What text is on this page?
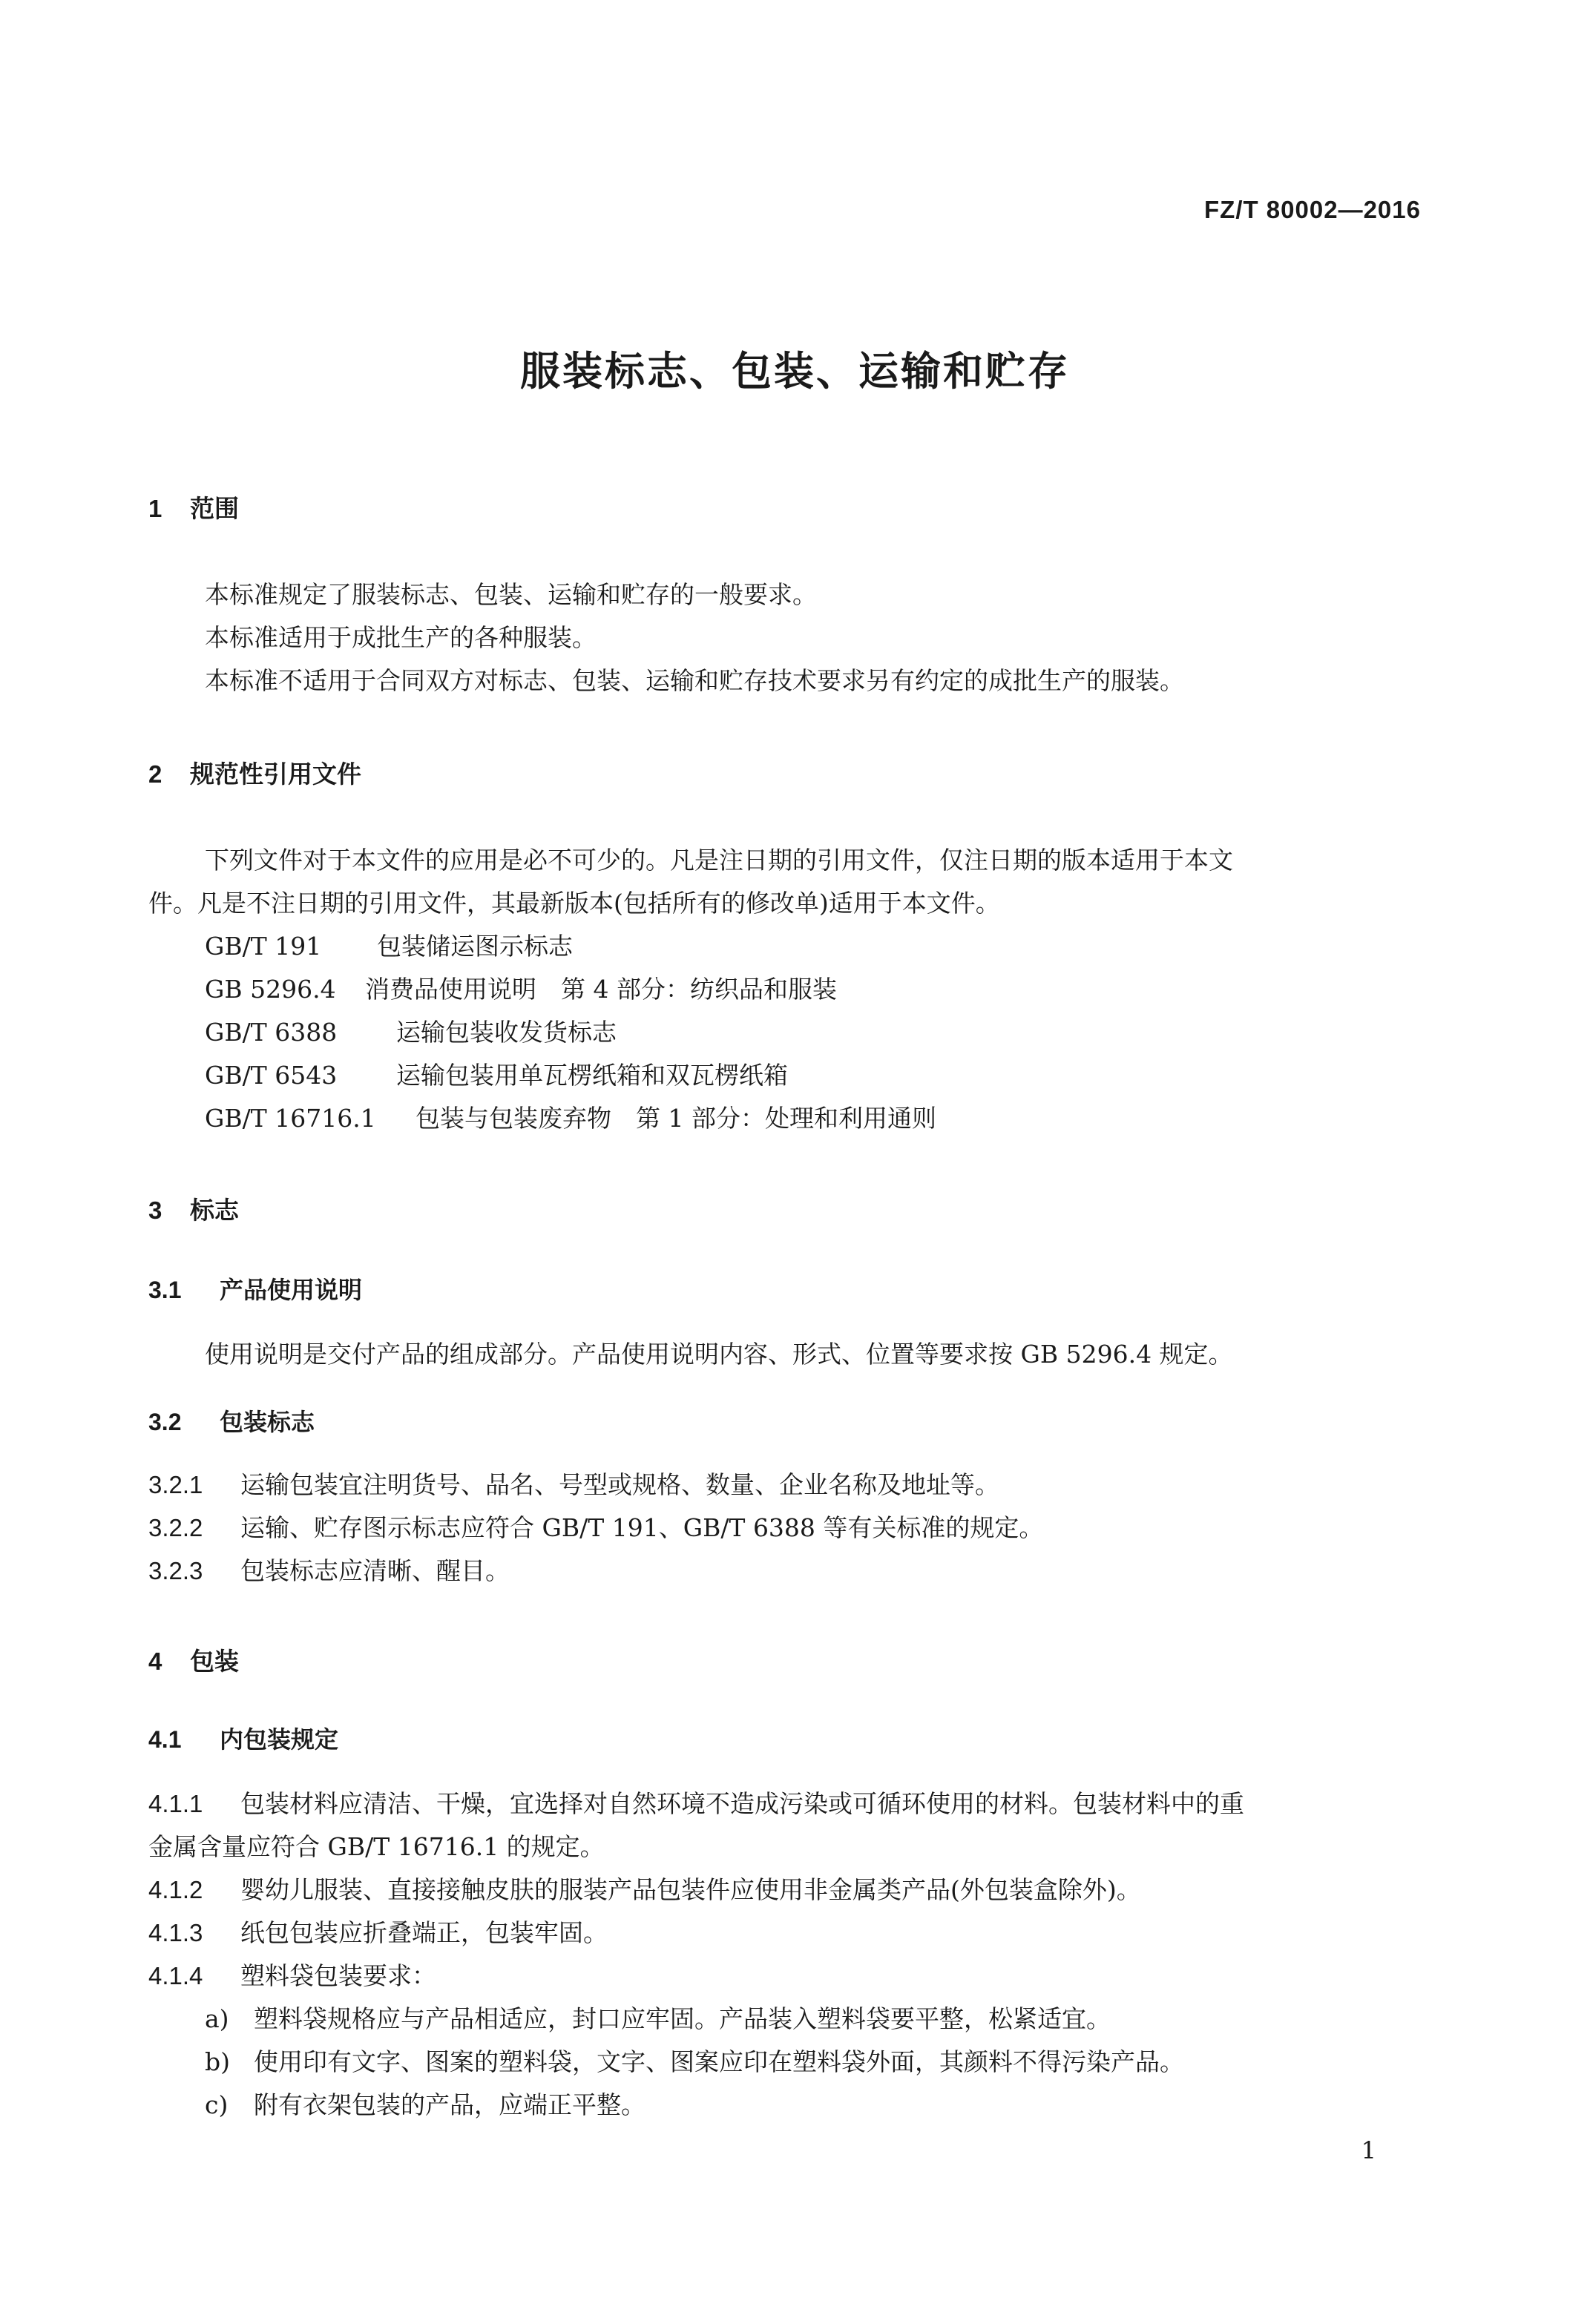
FZ/T 80002—2016
服装标志、包装、运输和贮存
1 范围
本标准规定了服装标志、包装、运输和贮存的一般要求。
本标准适用于成批生产的各种服装。
本标准不适用于合同双方对标志、包装、运输和贮存技术要求另有约定的成批生产的服装。
2 规范性引用文件
下列文件对于本文件的应用是必不可少的。凡是注日期的引用文件，仅注日期的版本适用于本文
件。凡是不注日期的引用文件，其最新版本(包括所有的修改单)适用于本文件。
GB/T 191 包装储运图示标志
GB 5296.4 消费品使用说明　第 4 部分：纺织品和服装
GB/T 6388 运输包装收发货标志
GB/T 6543 运输包装用单瓦楞纸箱和双瓦楞纸箱
GB/T 16716.1 包装与包装废弃物　第 1 部分：处理和利用通则
3 标志
3.1 产品使用说明
使用说明是交付产品的组成部分。产品使用说明内容、形式、位置等要求按 GB 5296.4 规定。
3.2 包装标志
3.2.1 运输包装宜注明货号、品名、号型或规格、数量、企业名称及地址等。
3.2.2 运输、贮存图示标志应符合 GB/T 191、GB/T 6388 等有关标准的规定。
3.2.3 包装标志应清晰、醒目。
4 包装
4.1 内包装规定
4.1.1 包装材料应清洁、干燥，宜选择对自然环境不造成污染或可循环使用的材料。包装材料中的重
金属含量应符合 GB/T 16716.1 的规定。
4.1.2 婴幼儿服装、直接接触皮肤的服装产品包装件应使用非金属类产品(外包装盒除外)。
4.1.3 纸包包装应折叠端正，包装牢固。
4.1.4 塑料袋包装要求：
a) 塑料袋规格应与产品相适应，封口应牢固。产品装入塑料袋要平整，松紧适宜。
b) 使用印有文字、图案的塑料袋，文字、图案应印在塑料袋外面，其颜料不得污染产品。
c) 附有衣架包装的产品，应端正平整。
1
